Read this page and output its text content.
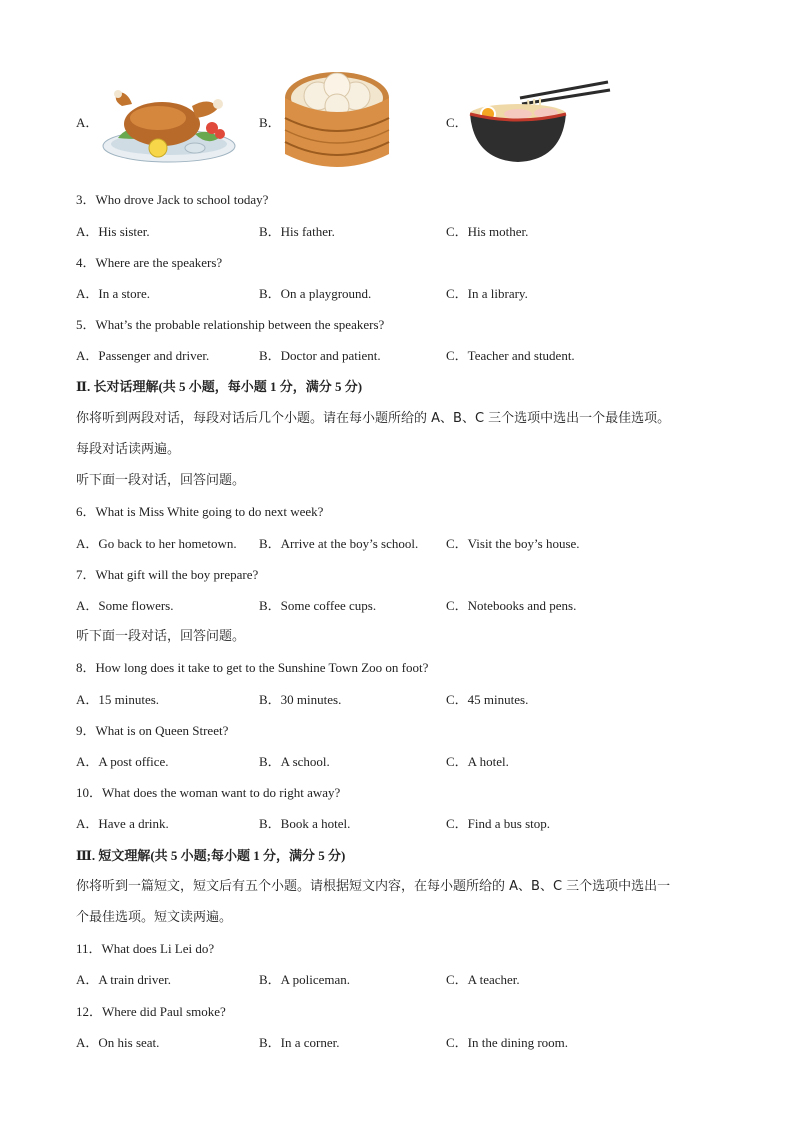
A．	B．	C．
3．Who drove Jack to school today?
A．His sister.	B．His father.	C．His mother.
4．Where are the speakers?
A．In a store.	B．On a playground.	C．In a library.
5．What’s the probable relationship between the speakers?
A．Passenger and driver.	B．Doctor and patient.	C．Teacher and student.
Ⅱ. 长对话理解(共 5 小题，每小题 1 分，满分 5 分)
你将听到两段对话，每段对话后几个小题。请在每小题所给的 A、B、C 三个选项中选出一个最佳选项。
每段对话读两遍。
听下面一段对话，回答问题。
6．What is Miss White going to do next week?
A．Go back to her hometown. B．Arrive at the boy’s school. C．Visit the boy’s house.
7．What gift will the boy prepare?
A．Some flowers.	B．Some coffee cups.	C．Notebooks and pens.
听下面一段对话，回答问题。
8．How long does it take to get to the Sunshine Town Zoo on foot?
A．15 minutes.	B．30 minutes.	C．45 minutes.
9．What is on Queen Street?
A．A post office.	B．A school.	C．A hotel.
10．What does the woman want to do right away?
A．Have a drink.	B．Book a hotel.	C．Find a bus stop.
Ⅲ. 短文理解(共 5 小题;每小题 1 分，满分 5 分)
你将听到一篇短文，短文后有五个小题。请根据短文内容，在每小题所给的 A、B、C 三个选项中选出一
个最佳选项。短文读两遍。
11．What does Li Lei do?
A．A train driver.	B．A policeman.	C．A teacher.
12．Where did Paul smoke?
A．On his seat.	B．In a corner.	C．In the dining room.
